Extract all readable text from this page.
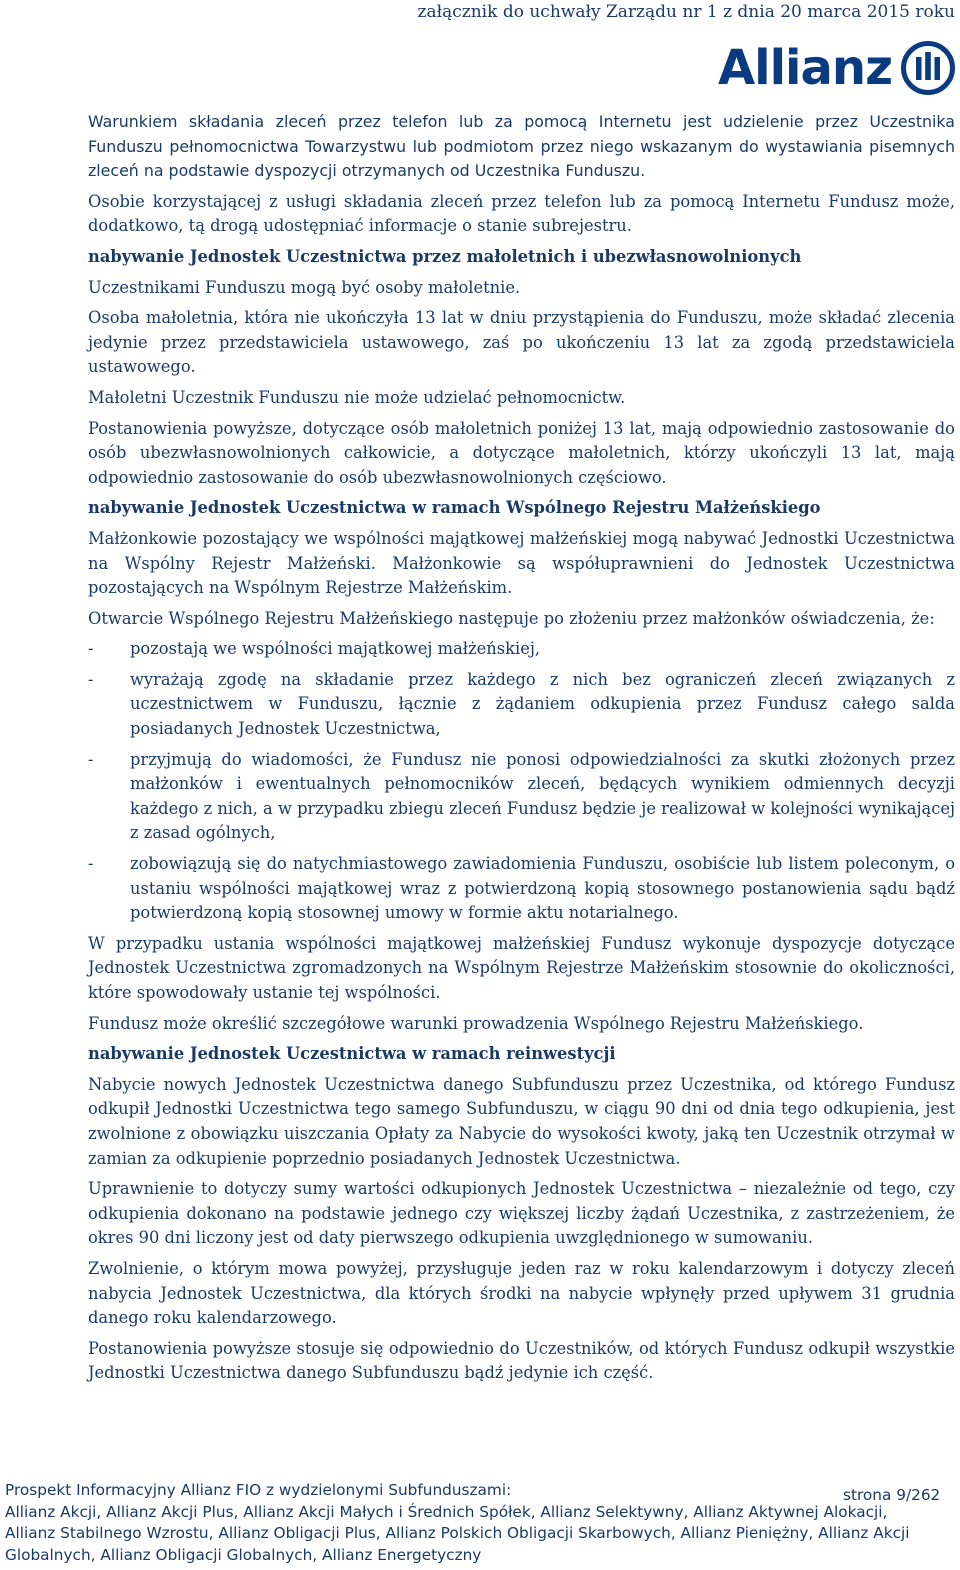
załącznik do uchwały Zarządu nr 1 z dnia 20 marca 2015 roku
Allianz

Warunkiem składania zleceń przez telefon lub za pomocą Internetu jest udzielenie przez Uczestnika Funduszu pełnomocnictwa Towarzystwu lub podmiotom przez niego wskazanym do wystawiania pisemnych zleceń na podstawie dyspozycji otrzymanych od Uczestnika Funduszu.

Osobie korzystającej z usługi składania zleceń przez telefon lub za pomocą Internetu Fundusz może, dodatkowo, tą drogą udostępniać informacje o stanie subrejestru.

nabywanie Jednostek Uczestnictwa przez małoletnich i ubezwłasnowolnionych

Uczestnikami Funduszu mogą być osoby małoletnie.

Osoba małoletnia, która nie ukończyła 13 lat w dniu przystąpienia do Funduszu, może składać zlecenia jedynie przez przedstawiciela ustawowego, zaś po ukończeniu 13 lat za zgodą przedstawiciela ustawowego.

Małoletni Uczestnik Funduszu nie może udzielać pełnomocnictw.

Postanowienia powyższe, dotyczące osób małoletnich poniżej 13 lat, mają odpowiednio zastosowanie do osób ubezwłasnowolnionych całkowicie, a dotyczące małoletnich, którzy ukończyli 13 lat, mają odpowiednio zastosowanie do osób ubezwłasnowolnionych częściowo.

nabywanie Jednostek Uczestnictwa w ramach Wspólnego Rejestru Małżeńskiego

Małżonkowie pozostający we wspólności majątkowej małżeńskiej mogą nabywać Jednostki Uczestnictwa na Wspólny Rejestr Małżeński. Małżonkowie są współuprawnieni do Jednostek Uczestnictwa pozostających na Wspólnym Rejestrze Małżeńskim.

Otwarcie Wspólnego Rejestru Małżeńskiego następuje po złożeniu przez małżonków oświadczenia, że:

- pozostają we wspólności majątkowej małżeńskiej,
- wyrażają zgodę na składanie przez każdego z nich bez ograniczeń zleceń związanych z uczestnictwem w Funduszu, łącznie z żądaniem odkupienia przez Fundusz całego salda posiadanych Jednostek Uczestnictwa,
- przyjmują do wiadomości, że Fundusz nie ponosi odpowiedzialności za skutki złożonych przez małżonków i ewentualnych pełnomocników zleceń, będących wynikiem odmiennych decyzji każdego z nich, a w przypadku zbiegu zleceń Fundusz będzie je realizował w kolejności wynikającej z zasad ogólnych,
- zobowiązują się do natychmiastowego zawiadomienia Funduszu, osobiście lub listem poleconym, o ustaniu wspólności majątkowej wraz z potwierdzoną kopią stosownego postanowienia sądu bądź potwierdzoną kopią stosownej umowy w formie aktu notarialnego.

W przypadku ustania wspólności majątkowej małżeńskiej Fundusz wykonuje dyspozycje dotyczące Jednostek Uczestnictwa zgromadzonych na Wspólnym Rejestrze Małżeńskim stosownie do okoliczności, które spowodowały ustanie tej wspólności.

Fundusz może określić szczegółowe warunki prowadzenia Wspólnego Rejestru Małżeńskiego.

nabywanie Jednostek Uczestnictwa w ramach reinwestycji

Nabycie nowych Jednostek Uczestnictwa danego Subfunduszu przez Uczestnika, od którego Fundusz odkupił Jednostki Uczestnictwa tego samego Subfunduszu, w ciągu 90 dni od dnia tego odkupienia, jest zwolnione z obowiązku uiszczania Opłaty za Nabycie do wysokości kwoty, jaką ten Uczestnik otrzymał w zamian za odkupienie poprzednio posiadanych Jednostek Uczestnictwa.

Uprawnienie to dotyczy sumy wartości odkupionych Jednostek Uczestnictwa – niezależnie od tego, czy odkupienia dokonano na podstawie jednego czy większej liczby żądań Uczestnika, z zastrzeżeniem, że okres 90 dni liczony jest od daty pierwszego odkupienia uwzględnionego w sumowaniu.

Zwolnienie, o którym mowa powyżej, przysługuje jeden raz w roku kalendarzowym i dotyczy zleceń nabycia Jednostek Uczestnictwa, dla których środki na nabycie wpłynęły przed upływem 31 grudnia danego roku kalendarzowego.

Postanowienia powyższe stosuje się odpowiednio do Uczestników, od których Fundusz odkupił wszystkie Jednostki Uczestnictwa danego Subfunduszu bądź jedynie ich część.

Prospekt Informacyjny Allianz FIO z wydzielonymi Subfunduszami:
Allianz Akcji, Allianz Akcji Plus, Allianz Akcji Małych i Średnich Spółek, Allianz Selektywny, Allianz Aktywnej Alokacji,
Allianz Stabilnego Wzrostu, Allianz Obligacji Plus, Allianz Polskich Obligacji Skarbowych, Allianz Pieniężny, Allianz Akcji
Globalnych, Allianz Obligacji Globalnych, Allianz Energetyczny
strona 9/262
